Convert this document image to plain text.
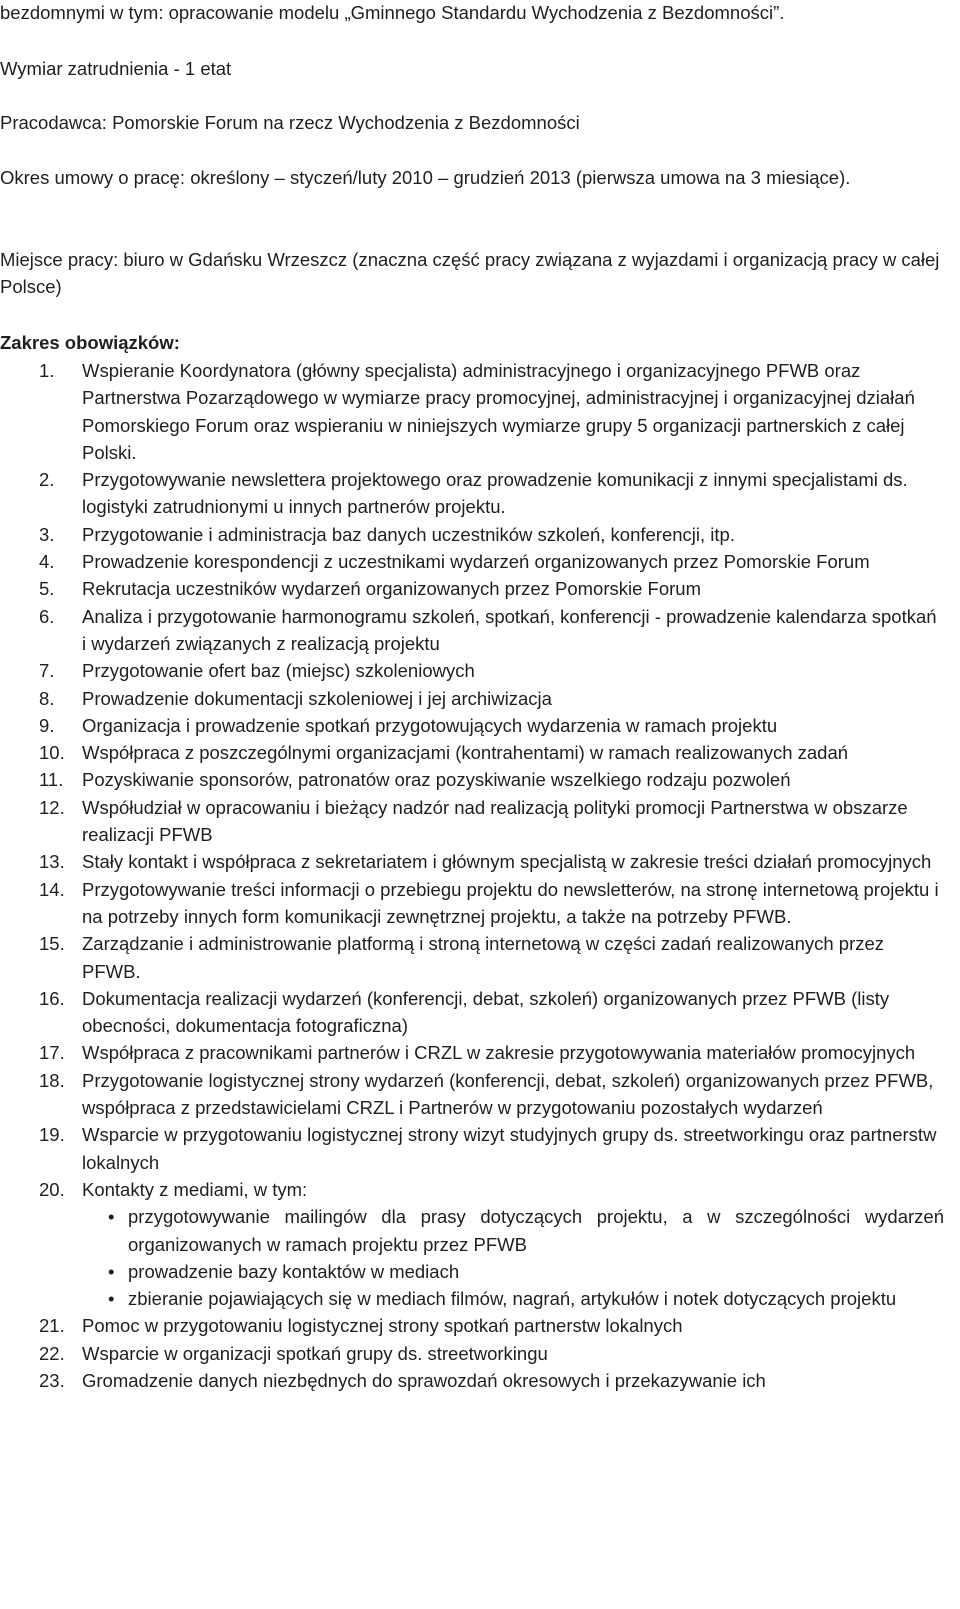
bezdomnymi w tym: opracowanie modelu „Gminnego Standardu Wychodzenia z Bezdomności”.

Wymiar zatrudnienia - 1 etat

Pracodawca: Pomorskie Forum na rzecz Wychodzenia z Bezdomności

Okres umowy o pracę: określony – styczeń/luty 2010 – grudzień 2013 (pierwsza umowa na 3 miesiące).

Miejsce pracy: biuro w Gdańsku Wrzeszcz (znaczna część pracy związana z wyjazdami i organizacją pracy w całej Polsce)

Zakres obowiązków:

1. Wspieranie Koordynatora (główny specjalista) administracyjnego i organizacyjnego PFWB oraz Partnerstwa Pozarządowego w wymiarze pracy promocyjnej, administracyjnej i organizacyjnej działań Pomorskiego Forum oraz wspieraniu w niniejszych wymiarze grupy 5 organizacji partnerskich z całej Polski.
2. Przygotowywanie newslettera projektowego oraz prowadzenie komunikacji z innymi specjalistami ds. logistyki zatrudnionymi u innych partnerów projektu.
3. Przygotowanie i administracja baz danych uczestników szkoleń, konferencji, itp.
4. Prowadzenie korespondencji z uczestnikami wydarzeń organizowanych przez Pomorskie Forum
5. Rekrutacja uczestników wydarzeń organizowanych przez Pomorskie Forum
6. Analiza i przygotowanie harmonogramu szkoleń, spotkań, konferencji - prowadzenie kalendarza spotkań i wydarzeń związanych z realizacją projektu
7. Przygotowanie ofert baz (miejsc) szkoleniowych
8. Prowadzenie dokumentacji szkoleniowej i jej archiwizacja
9. Organizacja i prowadzenie spotkań przygotowujących wydarzenia w ramach projektu
10. Współpraca z poszczególnymi organizacjami (kontrahentami) w ramach realizowanych zadań
11. Pozyskiwanie sponsorów, patronatów oraz pozyskiwanie wszelkiego rodzaju pozwoleń
12. Współudział w opracowaniu i bieżący nadzór nad realizacją polityki promocji Partnerstwa w obszarze realizacji PFWB
13. Stały kontakt i współpraca z sekretariatem i głównym specjalistą w zakresie treści działań promocyjnych
14. Przygotowywanie treści informacji o przebiegu projektu do newsletterów, na stronę internetową projektu i na potrzeby innych form komunikacji zewnętrznej projektu, a także na potrzeby PFWB.
15. Zarządzanie i administrowanie platformą i stroną internetową w części zadań realizowanych przez PFWB.
16. Dokumentacja realizacji wydarzeń (konferencji, debat, szkoleń) organizowanych przez PFWB (listy obecności, dokumentacja fotograficzna)
17. Współpraca z pracownikami partnerów i CRZL w zakresie przygotowywania materiałów promocyjnych
18. Przygotowanie logistycznej strony wydarzeń (konferencji, debat, szkoleń) organizowanych przez PFWB, współpraca z przedstawicielami CRZL i Partnerów w przygotowaniu pozostałych wydarzeń
19. Wsparcie w przygotowaniu logistycznej strony wizyt studyjnych grupy ds. streetworkingu oraz partnerstw lokalnych
20. Kontakty z mediami, w tym:
• przygotowywanie mailingów dla prasy dotyczących projektu, a w szczególności wydarzeń organizowanych w ramach projektu przez PFWB
• prowadzenie bazy kontaktów w mediach
• zbieranie pojawiających się w mediach filmów, nagrań, artykułów i notek dotyczących projektu
21. Pomoc w przygotowaniu logistycznej strony spotkań partnerstw lokalnych
22. Wsparcie w organizacji spotkań grupy ds. streetworkingu
23. Gromadzenie danych niezbędnych do sprawozdań okresowych i przekazywanie ich
